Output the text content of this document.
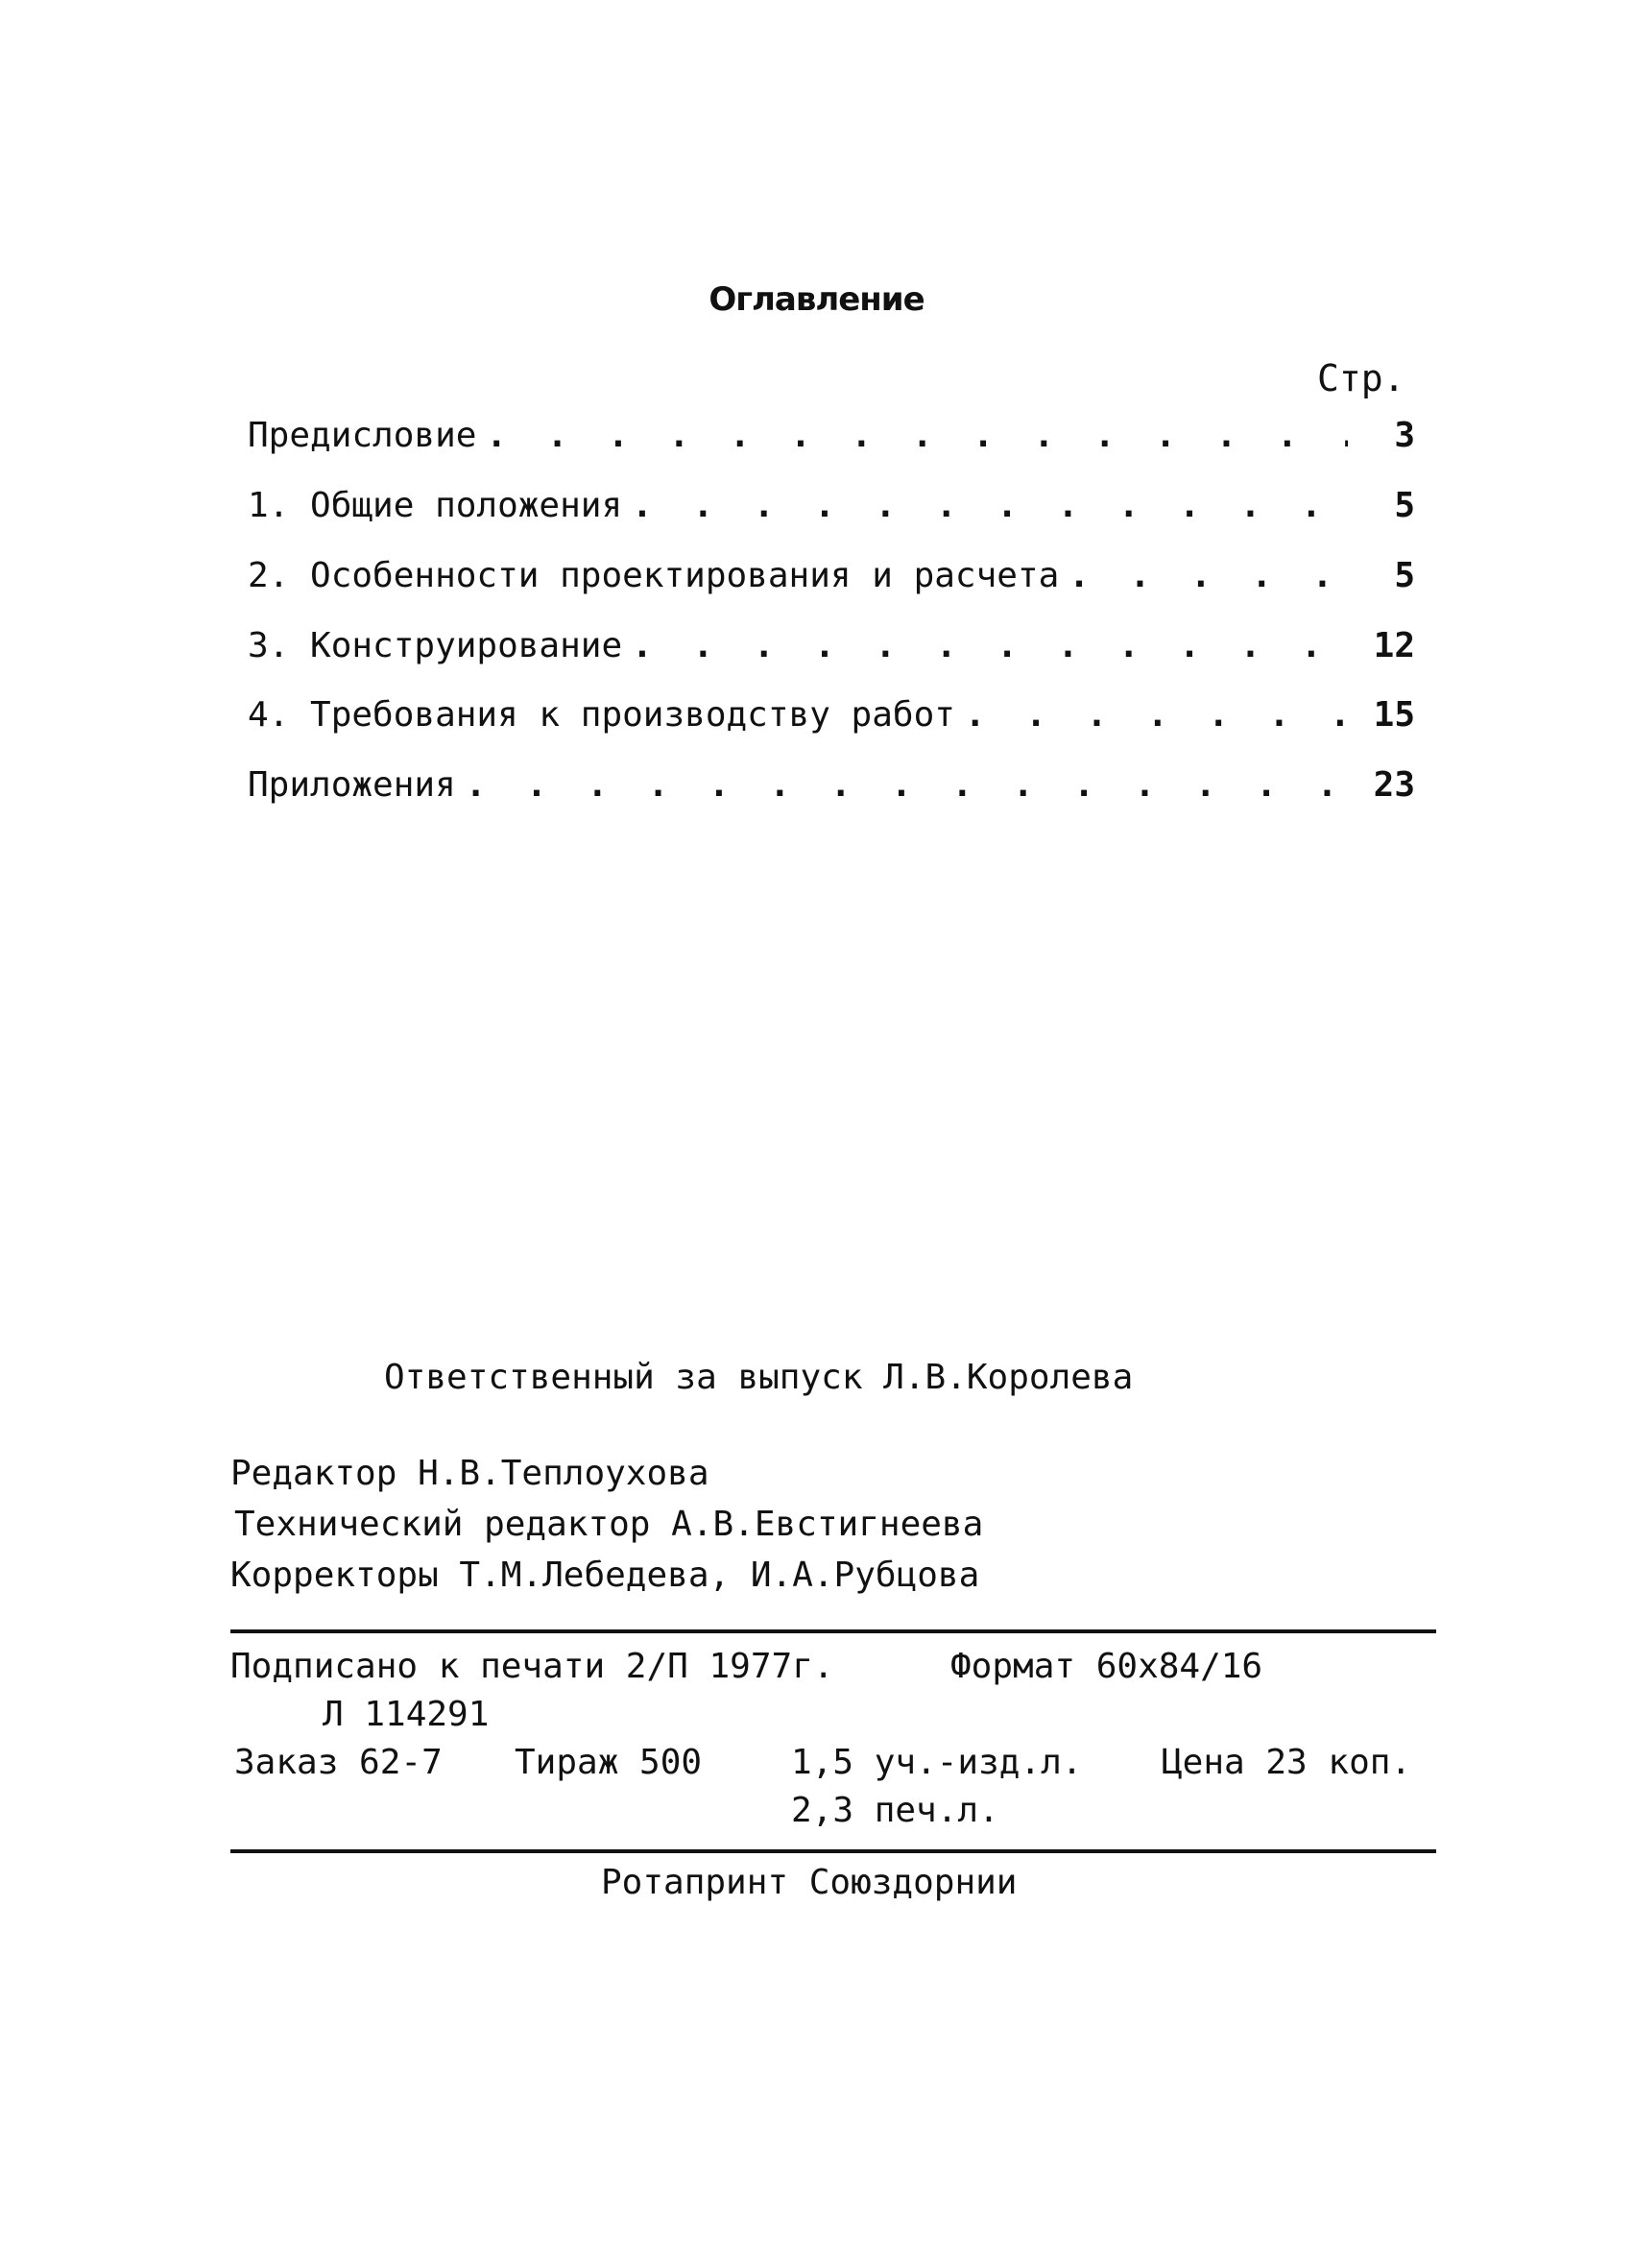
Оглавление
Стр.
Предисловие . . .	3
1. Общие положения . . .	5
2. Особенности проектирования и расчета . . .	5
3. Конструирование . . .	12
4. Требования к производству работ . . .	15
Приложения . . .	23
Ответственный за выпуск Л.В.Королева
Редактор Н.В.Теплоухова
Технический редактор А.В.Евстигнеева
Корректоры Т.М.Лебедева, И.А.Рубцова
Подписано к печати 2/П 1977г.	Формат 60х84/16
Л 114291
Заказ 62-7 Тираж 500	1,5 уч.-изд.л. Цена 23 коп.
2,3 печ.л.
Ротапринт Союздорнии
